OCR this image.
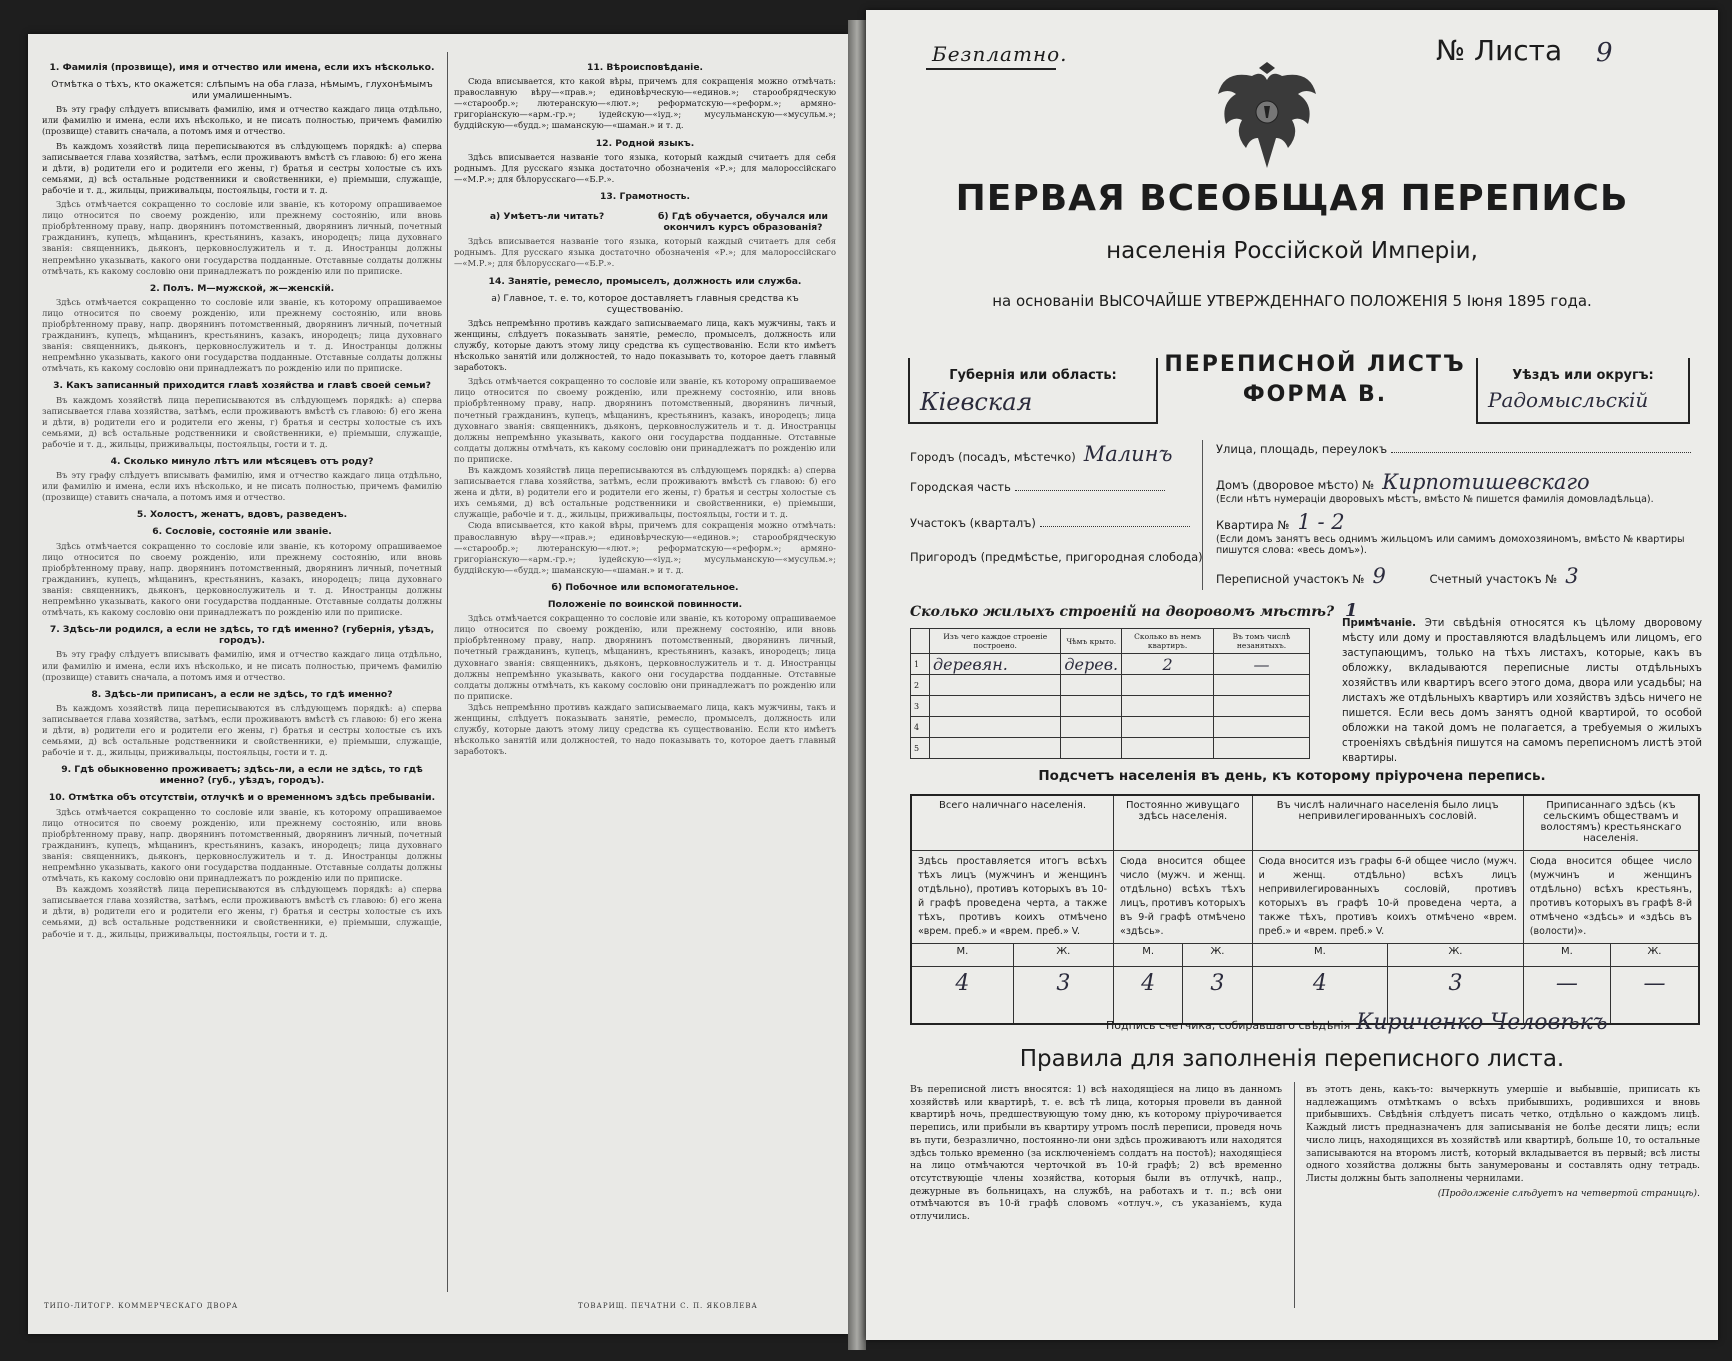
1. Фамилія (прозвище), имя и отчество или имена, если ихъ нѣсколько.
Отмѣтка о тѣхъ, кто окажется: слѣпымъ на оба глаза, нѣмымъ, глухонѣмымъ или умалишеннымъ.

Въ эту графу слѣдуетъ вписывать фамилію, имя и отчество каждаго лица отдѣльно, или фамилію и имена, если ихъ нѣсколько, и не писать полностью, причемъ фамилію (прозвище) ставить сначала, а потомъ имя и отчество.

Въ каждомъ хозяйствѣ лица переписываются въ слѣдующемъ порядкѣ: а) сперва записывается глава хозяйства, затѣмъ, если проживаютъ вмѣстѣ съ главою: б) его жена и дѣти, в) родители его и родители его жены, г) братья и сестры холостые съ ихъ семьями, д) всѣ остальные родственники и свойственники, е) пріемыши, служащіе, рабочіе и т. д., жильцы, приживальцы, постояльцы, гости и т. д.

Здѣсь отмѣчается сокращенно то сословіе или званіе, къ которому опрашиваемое лицо относится по своему рожденію, или прежнему состоянію, или вновь пріобрѣтенному праву, напр. дворянинъ потомственный, дворянинъ личный, почетный гражданинъ, купецъ, мѣщанинъ, крестьянинъ, казакъ, инородецъ; лица духовнаго званія: священникъ, дьяконъ, церковнослужитель и т. д. Иностранцы должны непремѣнно указывать, какого они государства подданные. Отставные солдаты должны отмѣчать, къ какому сословію они принадлежатъ по рожденію или по приписке.

2. Полъ. М—мужской, ж—женскій.

Здѣсь отмѣчается сокращенно то сословіе или званіе, къ которому опрашиваемое лицо относится по своему рожденію, или прежнему состоянію, или вновь пріобрѣтенному праву, напр. дворянинъ потомственный, дворянинъ личный, почетный гражданинъ, купецъ, мѣщанинъ, крестьянинъ, казакъ, инородецъ; лица духовнаго званія: священникъ, дьяконъ, церковнослужитель и т. д. Иностранцы должны непремѣнно указывать, какого они государства подданные. Отставные солдаты должны отмѣчать, къ какому сословію они принадлежатъ по рожденію или по приписке.

3. Какъ записанный приходится главѣ хозяйства и главѣ своей семьи?

Въ каждомъ хозяйствѣ лица переписываются въ слѣдующемъ порядкѣ: а) сперва записывается глава хозяйства, затѣмъ, если проживаютъ вмѣстѣ съ главою: б) его жена и дѣти, в) родители его и родители его жены, г) братья и сестры холостые съ ихъ семьями, д) всѣ остальные родственники и свойственники, е) пріемыши, служащіе, рабочіе и т. д., жильцы, приживальцы, постояльцы, гости и т. д.

4. Сколько минуло лѣтъ или мѣсяцевъ отъ роду?

Въ эту графу слѣдуетъ вписывать фамилію, имя и отчество каждаго лица отдѣльно, или фамилію и имена, если ихъ нѣсколько, и не писать полностью, причемъ фамилію (прозвище) ставить сначала, а потомъ имя и отчество.

5. Холостъ, женатъ, вдовъ, разведенъ.
6. Сословіе, состояніе или званіе.

Здѣсь отмѣчается сокращенно то сословіе или званіе, къ которому опрашиваемое лицо относится по своему рожденію, или прежнему состоянію, или вновь пріобрѣтенному праву, напр. дворянинъ потомственный, дворянинъ личный, почетный гражданинъ, купецъ, мѣщанинъ, крестьянинъ, казакъ, инородецъ; лица духовнаго званія: священникъ, дьяконъ, церковнослужитель и т. д. Иностранцы должны непремѣнно указывать, какого они государства подданные. Отставные солдаты должны отмѣчать, къ какому сословію они принадлежатъ по рожденію или по приписке.

7. Здѣсь-ли родился, а если не здѣсь, то гдѣ именно? (губернія, уѣздъ, городъ).

Въ эту графу слѣдуетъ вписывать фамилію, имя и отчество каждаго лица отдѣльно, или фамилію и имена, если ихъ нѣсколько, и не писать полностью, причемъ фамилію (прозвище) ставить сначала, а потомъ имя и отчество.

8. Здѣсь-ли приписанъ, а если не здѣсь, то гдѣ именно?

Въ каждомъ хозяйствѣ лица переписываются въ слѣдующемъ порядкѣ: а) сперва записывается глава хозяйства, затѣмъ, если проживаютъ вмѣстѣ съ главою: б) его жена и дѣти, в) родители его и родители его жены, г) братья и сестры холостые съ ихъ семьями, д) всѣ остальные родственники и свойственники, е) пріемыши, служащіе, рабочіе и т. д., жильцы, приживальцы, постояльцы, гости и т. д.

9. Гдѣ обыкновенно проживаетъ; здѣсь-ли, а если не здѣсь, то гдѣ именно? (губ., уѣздъ, городъ).
10. Отмѣтка объ отсутствіи, отлучкѣ и о временномъ здѣсь пребываніи.

Здѣсь отмѣчается сокращенно то сословіе или званіе, къ которому опрашиваемое лицо относится по своему рожденію, или прежнему состоянію, или вновь пріобрѣтенному праву, напр. дворянинъ потомственный, дворянинъ личный, почетный гражданинъ, купецъ, мѣщанинъ, крестьянинъ, казакъ, инородецъ; лица духовнаго званія: священникъ, дьяконъ, церковнослужитель и т. д. Иностранцы должны непремѣнно указывать, какого они государства подданные. Отставные солдаты должны отмѣчать, къ какому сословію они принадлежатъ по рожденію или по приписке.

Въ каждомъ хозяйствѣ лица переписываются въ слѣдующемъ порядкѣ: а) сперва записывается глава хозяйства, затѣмъ, если проживаютъ вмѣстѣ съ главою: б) его жена и дѣти, в) родители его и родители его жены, г) братья и сестры холостые съ ихъ семьями, д) всѣ остальные родственники и свойственники, е) пріемыши, служащіе, рабочіе и т. д., жильцы, приживальцы, постояльцы, гости и т. д.

11. Вѣроисповѣданіе.

Сюда вписывается, кто какой вѣры, причемъ для сокращенія можно отмѣчать: православную вѣру—«прав.»; единовѣрческую—«единов.»; старообрядческую—«старообр.»; лютеранскую—«лют.»; реформатскую—«реформ.»; армяно-григоріанскую—«арм.-гр.»; іудейскую—«іуд.»; мусульманскую—«мусульм.»; буддійскую—«будд.»; шаманскую—«шаман.» и т. д.

12. Родной языкъ.

Здѣсь вписывается названіе того языка, который каждый считаетъ для себя роднымъ. Для русскаго языка достаточно обозначенія «Р.»; для малороссійскаго—«М.Р.»; для бѣлорусскаго—«Б.Р.».

13. Грамотность.
а) Умѣетъ-ли читать?	б) Гдѣ обучается, обучался или окончилъ курсъ образованія?

Здѣсь вписывается названіе того языка, который каждый считаетъ для себя роднымъ. Для русскаго языка достаточно обозначенія «Р.»; для малороссійскаго—«М.Р.»; для бѣлорусскаго—«Б.Р.».

14. Занятіе, ремесло, промыселъ, должность или служба.
а) Главное, т. е. то, которое доставляетъ главныя средства къ существованію.

Здѣсь непремѣнно противъ каждаго записываемаго лица, какъ мужчины, такъ и женщины, слѣдуетъ показывать занятіе, ремесло, промыселъ, должность или службу, которые даютъ этому лицу средства къ существованію. Если кто имѣетъ нѣсколько занятій или должностей, то надо показывать то, которое даетъ главный заработокъ.

Здѣсь отмѣчается сокращенно то сословіе или званіе, къ которому опрашиваемое лицо относится по своему рожденію, или прежнему состоянію, или вновь пріобрѣтенному праву, напр. дворянинъ потомственный, дворянинъ личный, почетный гражданинъ, купецъ, мѣщанинъ, крестьянинъ, казакъ, инородецъ; лица духовнаго званія: священникъ, дьяконъ, церковнослужитель и т. д. Иностранцы должны непремѣнно указывать, какого они государства подданные. Отставные солдаты должны отмѣчать, къ какому сословію они принадлежатъ по рожденію или по приписке.

Въ каждомъ хозяйствѣ лица переписываются въ слѣдующемъ порядкѣ: а) сперва записывается глава хозяйства, затѣмъ, если проживаютъ вмѣстѣ съ главою: б) его жена и дѣти, в) родители его и родители его жены, г) братья и сестры холостые съ ихъ семьями, д) всѣ остальные родственники и свойственники, е) пріемыши, служащіе, рабочіе и т. д., жильцы, приживальцы, постояльцы, гости и т. д.

Сюда вписывается, кто какой вѣры, причемъ для сокращенія можно отмѣчать: православную вѣру—«прав.»; единовѣрческую—«единов.»; старообрядческую—«старообр.»; лютеранскую—«лют.»; реформатскую—«реформ.»; армяно-григоріанскую—«арм.-гр.»; іудейскую—«іуд.»; мусульманскую—«мусульм.»; буддійскую—«будд.»; шаманскую—«шаман.» и т. д.

б) Побочное или вспомогательное.
Положеніе по воинской повинности.

Здѣсь отмѣчается сокращенно то сословіе или званіе, къ которому опрашиваемое лицо относится по своему рожденію, или прежнему состоянію, или вновь пріобрѣтенному праву, напр. дворянинъ потомственный, дворянинъ личный, почетный гражданинъ, купецъ, мѣщанинъ, крестьянинъ, казакъ, инородецъ; лица духовнаго званія: священникъ, дьяконъ, церковнослужитель и т. д. Иностранцы должны непремѣнно указывать, какого они государства подданные. Отставные солдаты должны отмѣчать, къ какому сословію они принадлежатъ по рожденію или по приписке.

Здѣсь непремѣнно противъ каждаго записываемаго лица, какъ мужчины, такъ и женщины, слѣдуетъ показывать занятіе, ремесло, промыселъ, должность или службу, которые даютъ этому лицу средства къ существованію. Если кто имѣетъ нѣсколько занятій или должностей, то надо показывать то, которое даетъ главный заработокъ.

ТИПО-ЛИТОГР. КОММЕРЧЕСКАГО ДВОРА	ТОВАРИЩ. ПЕЧАТНИ С. П. ЯКОВЛЕВА
Безплатно.	№ Листа 9
ПЕРВАЯ ВСЕОБЩАЯ ПЕРЕПИСЬ
населенія Россійской Имперіи,
на основаніи ВЫСОЧАЙШЕ УТВЕРЖДЕННАГО ПОЛОЖЕНІЯ 5 Іюня 1895 года.
Губернія или область:
Кіевская
ПЕРЕПИСНОЙ ЛИСТЪ
ФОРМА В.
Уѣздъ или округъ:
Радомысльскій
Городъ (посадъ, мѣстечко) Малинъ
Городская часть
Участокъ (кварталъ)
Пригородъ (предмѣстье, пригородная слобода)
Улица, площадь, переулокъ
Домъ (дворовое мѣсто) № Кирпотишевскаго
(Если нѣтъ нумераціи дворовыхъ мѣстъ, вмѣсто № пишется фамилія домовладѣльца).
Квартира № 1 - 2
(Если домъ занятъ весь однимъ жильцомъ или самимъ домохозяиномъ, вмѣсто № квартиры пишутся слова: «весь домъ»).
Переписной участокъ № 9	Счетный участокъ № 3
Сколько жилыхъ строеній на дворовомъ мѣстѣ? 1
	Изъ чего каждое строеніе построено.	Чѣмъ крыто.	Сколько въ немъ квартиръ.	Въ томъ числѣ незанятыхъ.
1	деревян.	дерев.	2	—
2				
3				
4				
5				
Примѣчаніе. Эти свѣдѣнія относятся къ цѣлому дворовому мѣсту или дому и проставляются владѣльцемъ или лицомъ, его заступающимъ, только на тѣхъ листахъ, которые, какъ въ обложку, вкладываются переписные листы отдѣльныхъ хозяйствъ или квартиръ всего этого дома, двора или усадьбы; на листахъ же отдѣльныхъ квартиръ или хозяйствъ здѣсь ничего не пишется. Если весь домъ занятъ одной квартирой, то особой обложки на такой домъ не полагается, а требуемыя о жилыхъ строеніяхъ свѣдѣнія пишутся на самомъ переписномъ листѣ этой квартиры.
Подсчетъ населенія въ день, къ которому пріурочена перепись.
Всего наличнаго населенія.		Постоянно живущаго здѣсь населенія.		Въ числѣ наличнаго населенія было лицъ непривилегированныхъ сословій.		Приписаннаго здѣсь (къ сельскимъ обществамъ и волостямъ) крестьянскаго населенія.	
Здѣсь проставляется итогъ всѣхъ тѣхъ лицъ (мужчинъ и женщинъ отдѣльно), противъ которыхъ въ 10-й графѣ проведена черта, а также тѣхъ, противъ коихъ отмѣчено «врем. преб.» и «врем. преб.» V.		Сюда вносится общее число (мужч. и женщ. отдѣльно) всѣхъ тѣхъ лицъ, противъ которыхъ въ 9-й графѣ отмѣчено «здѣсь».		Сюда вносится изъ графы 6-й общее число (мужч. и женщ. отдѣльно) всѣхъ лицъ непривилегированныхъ сословій, противъ которыхъ въ графѣ 10-й проведена черта, а также тѣхъ, противъ коихъ отмѣчено «врем. преб.» и «врем. преб.» V.		Сюда вносится общее число (мужчинъ и женщинъ отдѣльно) всѣхъ крестьянъ, противъ которыхъ въ графѣ 8-й отмѣчено «здѣсь» и «здѣсь въ (волости)».	
М.	Ж.	М.	Ж.	М.	Ж.	М.	Ж.
4	3	4	3	4	3	—	—
Подпись счетчика, собиравшаго свѣдѣнія Кириченко Человѣкъ
Правила для заполненія переписного листа.
Въ переписной листъ вносятся: 1) всѣ находящіеся на лицо въ данномъ хозяйствѣ или квартирѣ, т. е. всѣ тѣ лица, которыя провели въ данной квартирѣ ночь, предшествующую тому дню, къ которому пріурочивается перепись, или прибыли въ квартиру утромъ послѣ переписи, проведя ночь въ пути, безразлично, постоянно-ли они здѣсь проживаютъ или находятся здѣсь только временно (за исключеніемъ солдатъ на постоѣ); находящіеся на лицо отмѣчаются черточкой въ 10-й графѣ; 2) всѣ временно отсутствующіе члены хозяйства, которыя были въ отлучкѣ, напр., дежурные въ больницахъ, на службѣ, на работахъ и т. п.; всѣ они отмѣчаются въ 10-й графѣ словомъ «отлуч.», съ указаніемъ, куда отлучились.
въ этотъ день, какъ-то: вычеркнуть умершіе и выбывшіе, приписать къ надлежащимъ отмѣткамъ о всѣхъ прибывшихъ, родившихся и вновь прибывшихъ. Свѣдѣнія слѣдуетъ писать четко, отдѣльно о каждомъ лицѣ. Каждый листъ предназначенъ для записыванія не болѣе десяти лицъ; если число лицъ, находящихся въ хозяйствѣ или квартирѣ, больше 10, то остальные записываются на второмъ листѣ, который вкладывается въ первый; всѣ листы одного хозяйства должны быть занумерованы и составлять одну тетрадь. Листы должны быть заполнены чернилами.
(Продолженіе слѣдуетъ на четвертой страницѣ).
